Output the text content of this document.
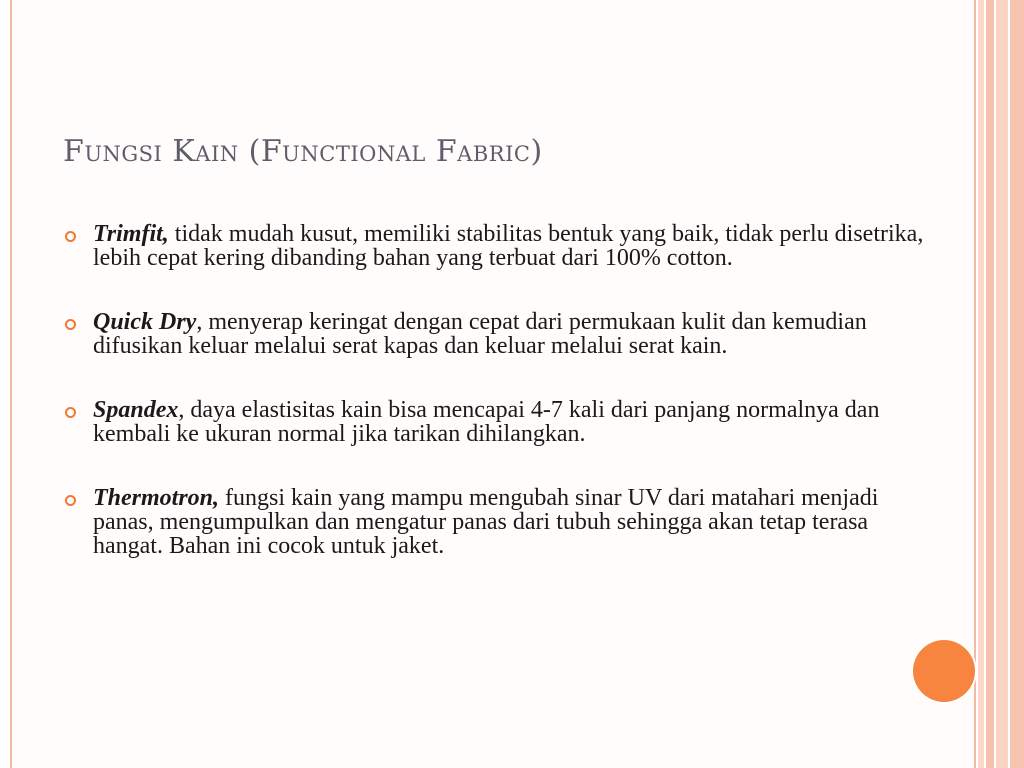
Fungsi Kain (Functional Fabric)
Trimfit, tidak mudah kusut, memiliki stabilitas bentuk yang baik, tidak perlu disetrika, lebih cepat kering dibanding bahan yang terbuat dari 100% cotton.
Quick Dry, menyerap keringat dengan cepat dari permukaan kulit dan kemudian difusikan keluar melalui serat kapas dan keluar melalui serat kain.
Spandex, daya elastisitas kain bisa mencapai 4-7 kali dari panjang normalnya dan kembali ke ukuran normal jika tarikan dihilangkan.
Thermotron, fungsi kain yang mampu mengubah sinar UV dari matahari menjadi panas, mengumpulkan dan mengatur panas dari tubuh sehingga akan tetap terasa hangat. Bahan ini cocok untuk jaket.
